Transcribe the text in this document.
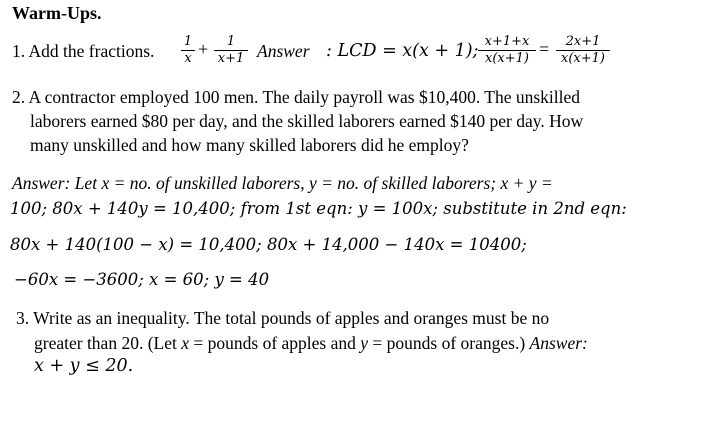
Warm-Ups.
1. Add the fractions. 1
x +	1
x+1 Answer : LCD = x(x + 1); x+1+x
x(x+1) =	2x+1
x(x+1)
2. A contractor employed 100 men. The daily payroll was $10,400. The unskilled
laborers earned $80 per day, and the skilled laborers earned $140 per day. How
many unskilled and how many skilled laborers did he employ?
Answer: Let x = no. of unskilled laborers, y = no. of skilled laborers; x + y =
100; 80x + 140y = 10,400; from 1st eqn: y = 100x; substitute in 2nd eqn:
80x + 140(100 − x) = 10,400; 80x + 14,000 − 140x = 10400;
−60x = −3600; x = 60; y = 40
3. Write as an inequality. The total pounds of apples and oranges must be no
greater than 20. (Let x = pounds of apples and y = pounds of oranges.) Answer:
x + y ≤ 20.
